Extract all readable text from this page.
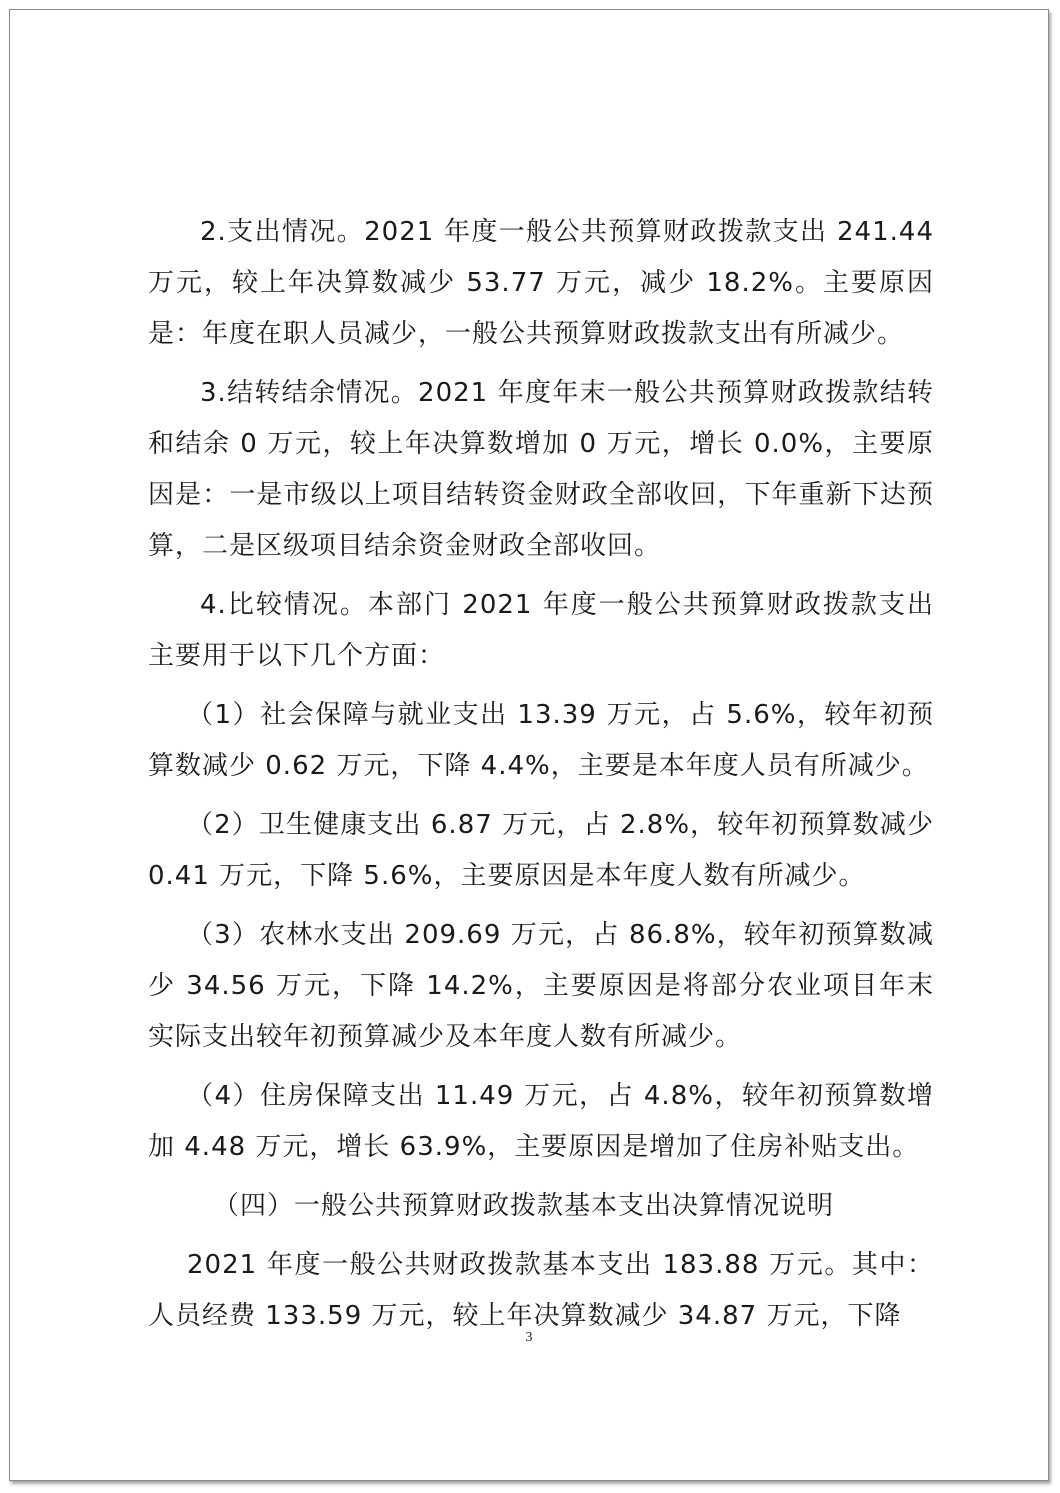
2.支出情况。2021 年度一般公共预算财政拨款支出 241.44 万元，较上年决算数减少 53.77 万元，减少 18.2%。主要原因是：年度在职人员减少，一般公共预算财政拨款支出有所减少。

3.结转结余情况。2021 年度年末一般公共预算财政拨款结转和结余 0 万元，较上年决算数增加 0 万元，增长 0.0%，主要原因是：一是市级以上项目结转资金财政全部收回，下年重新下达预算，二是区级项目结余资金财政全部收回。

4.比较情况。本部门 2021 年度一般公共预算财政拨款支出主要用于以下几个方面：

（1）社会保障与就业支出 13.39 万元，占 5.6%，较年初预算数减少 0.62 万元，下降 4.4%，主要是本年度人员有所减少。

（2）卫生健康支出 6.87 万元，占 2.8%，较年初预算数减少 0.41 万元，下降 5.6%，主要原因是本年度人数有所减少。

（3）农林水支出 209.69 万元，占 86.8%，较年初预算数减少 34.56 万元，下降 14.2%，主要原因是将部分农业项目年末实际支出较年初预算减少及本年度人数有所减少。

（4）住房保障支出 11.49 万元，占 4.8%，较年初预算数增加 4.48 万元，增长 63.9%，主要原因是增加了住房补贴支出。

（四）一般公共预算财政拨款基本支出决算情况说明

2021 年度一般公共财政拨款基本支出 183.88 万元。其中：人员经费 133.59 万元，较上年决算数减少 34.87 万元，下降

3
